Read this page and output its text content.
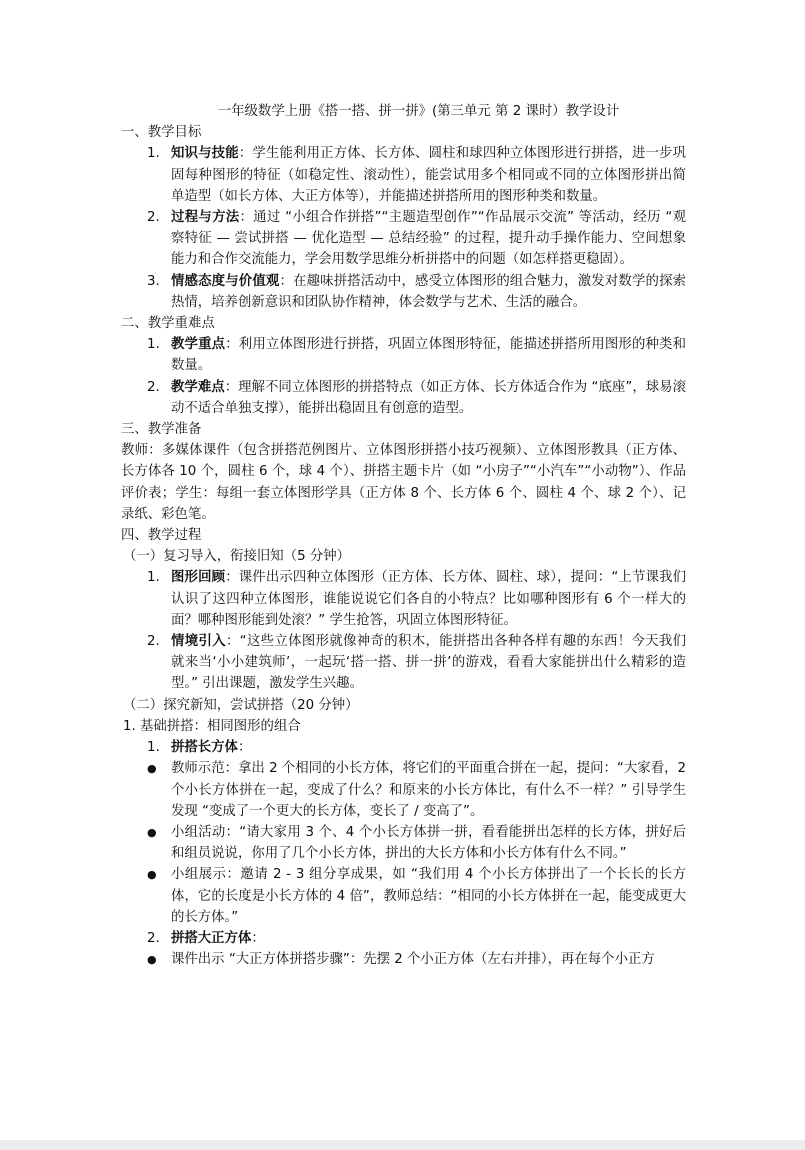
一年级数学上册《搭一搭、拼一拼》(第三单元 第 2 课时）教学设计
一、教学目标
1. 知识与技能：学生能利用正方体、长方体、圆柱和球四种立体图形进行拼搭，进一步巩固每种图形的特征（如稳定性、滚动性），能尝试用多个相同或不同的立体图形拼出简单造型（如长方体、大正方体等），并能描述拼搭所用的图形种类和数量。
2. 过程与方法：通过 “小组合作拼搭”“主题造型创作”“作品展示交流” 等活动，经历 “观察特征 — 尝试拼搭 — 优化造型 — 总结经验” 的过程，提升动手操作能力、空间想象能力和合作交流能力，学会用数学思维分析拼搭中的问题（如怎样搭更稳固）。
3. 情感态度与价值观：在趣味拼搭活动中，感受立体图形的组合魅力，激发对数学的探索热情，培养创新意识和团队协作精神，体会数学与艺术、生活的融合。
二、教学重难点
1. 教学重点：利用立体图形进行拼搭，巩固立体图形特征，能描述拼搭所用图形的种类和数量。
2. 教学难点：理解不同立体图形的拼搭特点（如正方体、长方体适合作为 “底座”，球易滚动不适合单独支撑），能拼出稳固且有创意的造型。
三、教学准备
教师：多媒体课件（包含拼搭范例图片、立体图形拼搭小技巧视频）、立体图形教具（正方体、长方体各 10 个，圆柱 6 个，球 4 个）、拼搭主题卡片（如 “小房子”“小汽车”“小动物”）、作品评价表；学生：每组一套立体图形学具（正方体 8 个、长方体 6 个、圆柱 4 个、球 2 个）、记录纸、彩色笔。
四、教学过程
（一）复习导入，衔接旧知（5 分钟）
1. 图形回顾：课件出示四种立体图形（正方体、长方体、圆柱、球），提问：“上节课我们认识了这四种立体图形，谁能说说它们各自的小特点？比如哪种图形有 6 个一样大的面？哪种图形能到处滚？” 学生抢答，巩固立体图形特征。
2. 情境引入：“这些立体图形就像神奇的积木，能拼搭出各种各样有趣的东西！今天我们就来当‘小小建筑师’，一起玩‘搭一搭、拼一拼’的游戏，看看大家能拼出什么精彩的造型。” 引出课题，激发学生兴趣。
（二）探究新知，尝试拼搭（20 分钟）
1. 基础拼搭：相同图形的组合
1. 拼搭长方体：
● 教师示范：拿出 2 个相同的小长方体，将它们的平面重合拼在一起，提问：“大家看，2 个小长方体拼在一起，变成了什么？和原来的小长方体比，有什么不一样？” 引导学生发现 “变成了一个更大的长方体，变长了 / 变高了”。
● 小组活动：“请大家用 3 个、4 个小长方体拼一拼，看看能拼出怎样的长方体，拼好后和组员说说，你用了几个小长方体，拼出的大长方体和小长方体有什么不同。”
● 小组展示：邀请 2 - 3 组分享成果，如 “我们用 4 个小长方体拼出了一个长长的长方体，它的长度是小长方体的 4 倍”，教师总结：“相同的小长方体拼在一起，能变成更大的长方体。”
2. 拼搭大正方体：
● 课件出示 “大正方体拼搭步骤”：先摆 2 个小正方体（左右并排），再在每个小正方
